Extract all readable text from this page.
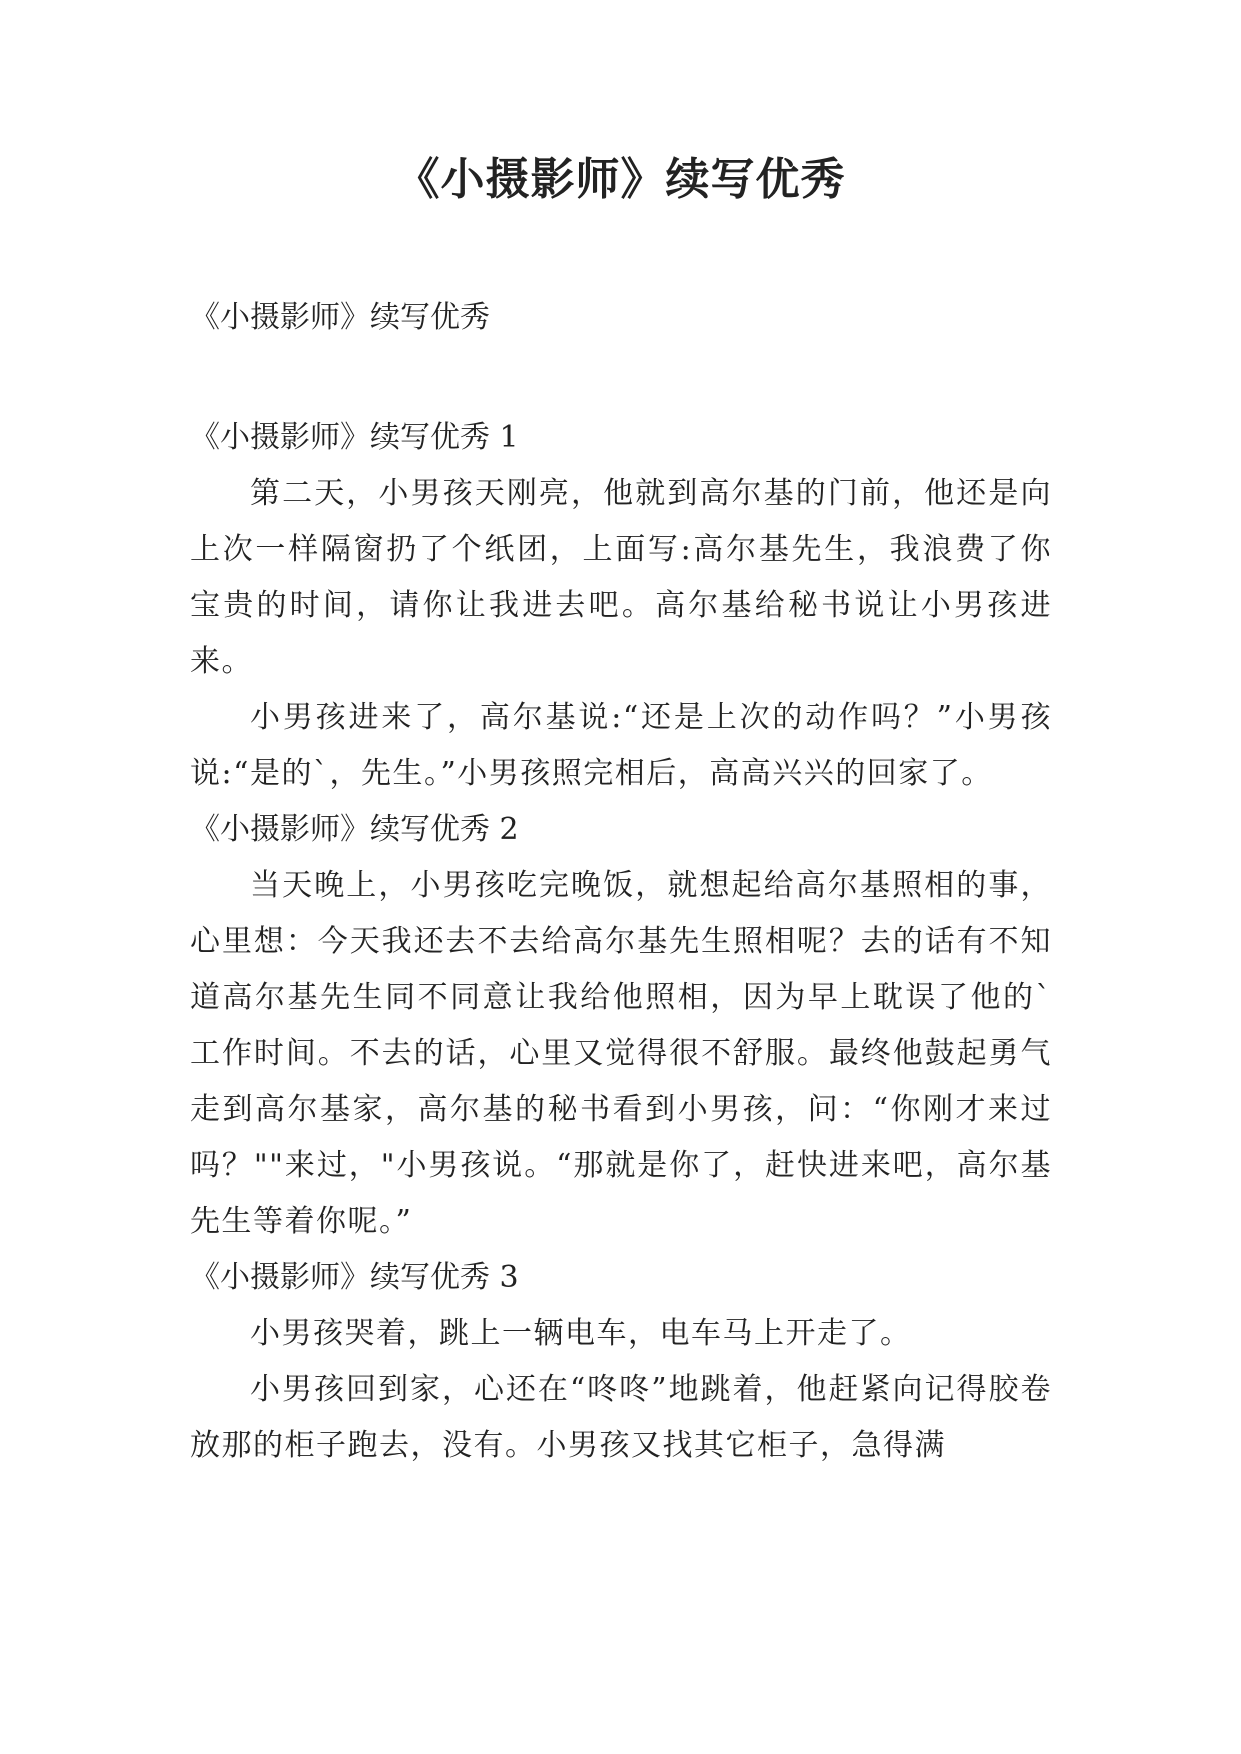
《小摄影师》续写优秀

《小摄影师》续写优秀

《小摄影师》续写优秀 1

第二天，小男孩天刚亮，他就到高尔基的门前，他还是向上次一样隔窗扔了个纸团，上面写:高尔基先生，我浪费了你宝贵的时间，请你让我进去吧。高尔基给秘书说让小男孩进来。

小男孩进来了，高尔基说:“还是上次的动作吗？”小男孩说:“是的`，先生。”小男孩照完相后，高高兴兴的回家了。

《小摄影师》续写优秀 2

当天晚上，小男孩吃完晚饭，就想起给高尔基照相的事，心里想：今天我还去不去给高尔基先生照相呢？去的话有不知道高尔基先生同不同意让我给他照相，因为早上耽误了他的`工作时间。不去的话，心里又觉得很不舒服。最终他鼓起勇气走到高尔基家，高尔基的秘书看到小男孩，问：“你刚才来过吗？""来过，"小男孩说。“那就是你了，赶快进来吧，高尔基先生等着你呢。”

《小摄影师》续写优秀 3

小男孩哭着，跳上一辆电车，电车马上开走了。

小男孩回到家，心还在“咚咚”地跳着，他赶紧向记得胶卷放那的柜子跑去，没有。小男孩又找其它柜子，急得满
